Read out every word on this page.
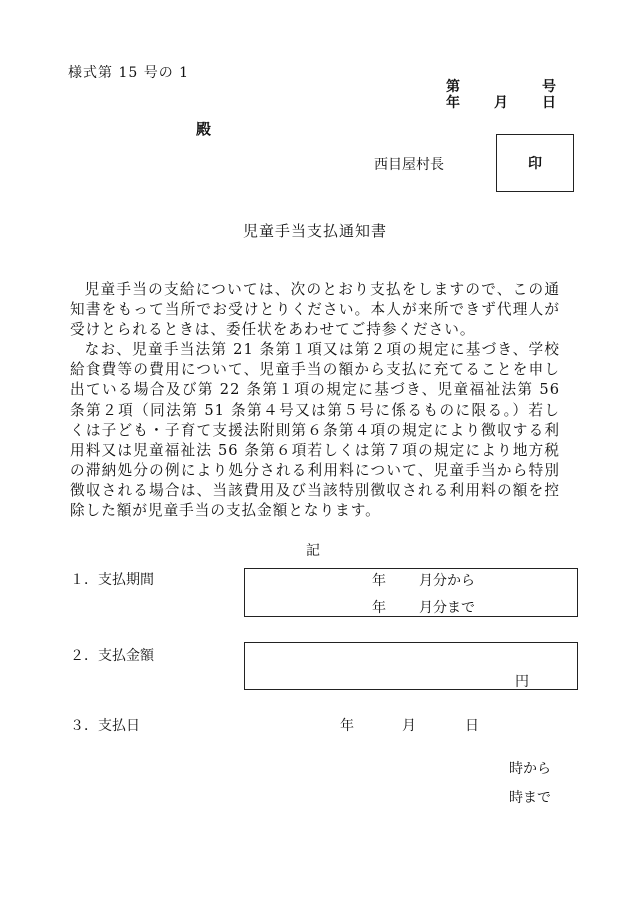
様式第 15 号の 1
第	号
年 月 日
殿
西目屋村長	印
児童手当支払通知書

児童手当の支給については、次のとおり支払をしますので、この通知書をもって当所でお受けとりください。本人が来所できず代理人が受けとられるときは、委任状をあわせてご持参ください。

なお、児童手当法第 21 条第１項又は第２項の規定に基づき、学校給食費等の費用について、児童手当の額から支払に充てることを申し出ている場合及び第 22 条第１項の規定に基づき、児童福祉法第 56 条第２項（同法第 51 条第４号又は第５号に係るものに限る。）若しくは子ども・子育て支援法附則第６条第４項の規定により徴収する利用料又は児童福祉法 56 条第６項若しくは第７項の規定により地方税の滞納処分の例により処分される利用料について、児童手当から特別徴収される場合は、当該費用及び当該特別徴収される利用料の額を控除した額が児童手当の支払金額となります。

記
１．支払期間	年 月分から
年 月分まで
２．支払金額
円
３．支払日	年	月	日
時から
時まで
